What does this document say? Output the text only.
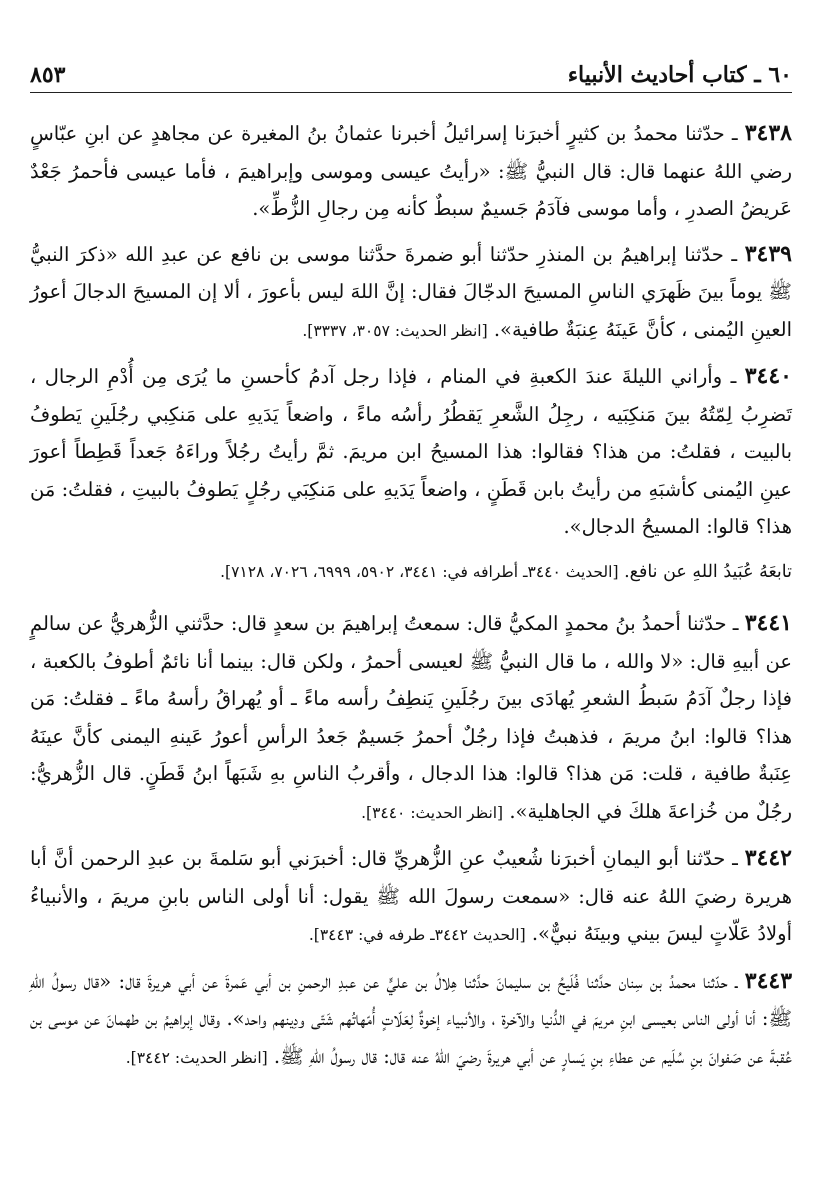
٦٠ ـ كتاب أحاديث الأنبياء
٨٥٣

٣٤٣٨ ـ حدّثنا محمدُ بن كثيرٍ أخبرَنا إسرائيلُ أخبرنا عثمانُ بنُ المغيرة عن مجاهدٍ عن ابنِ عبّاسٍ رضي اللهُ عنهما قال: قال النبيُّ ﷺ: «رأيتُ عيسى وموسى وإبراهيمَ ، فأما عيسى فأحمرُ جَعْدٌ عَريضُ الصدرِ ، وأما موسى فآدَمُ جَسيمٌ سبطٌ كأنه مِن رجالِ الزُّطِّ».

٣٤٣٩ ـ حدّثنا إبراهيمُ بن المنذرِ حدّثنا أبو ضمرةَ حدَّثنا موسى بن نافع عن عبدِ الله «ذكرَ النبيُّ ﷺ يوماً بينَ ظَهرَي الناسِ المسيحَ الدجّالَ فقال: إنَّ اللهَ ليس بأعورَ ، ألا إن المسيحَ الدجالَ أعورُ العينِ اليُمنى ، كأنَّ عَينَهُ عِنبَةٌ طافية». [انظر الحديث: ٣٠٥٧، ٣٣٣٧].

٣٤٤٠ ـ وأراني الليلةَ عندَ الكعبةِ في المنام ، فإذا رجل آدمُ كأحسنِ ما يُرَى مِن أُدْمِ الرجال ، تَضرِبُ لِمّتُهُ بينَ مَنكِبَيه ، رجِلُ الشَّعرِ يَقطُرُ رأسُه ماءً ، واضعاً يَدَيهِ على مَنكِبي رجُلَينِ يَطوفُ بالبيت ، فقلتُ: من هذا؟ فقالوا: هذا المسيحُ ابن مريمَ. ثمَّ رأيتُ رجُلاً وراءَهُ جَعداً قَطِطاً أعورَ عينِ اليُمنى كأشبَهِ من رأيتُ بابن قَطَنٍ ، واضعاً يَدَيهِ على مَنكِبَي رجُلٍ يَطوفُ بالبيتِ ، فقلتُ: مَن هذا؟ قالوا: المسيحُ الدجال».

تابعَهُ عُبَيدُ اللهِ عن نافع. [الحديث ٣٤٤٠ـ أطرافه في: ٣٤٤١، ٥٩٠٢، ٦٩٩٩، ٧٠٢٦، ٧١٢٨].

٣٤٤١ ـ حدّثنا أحمدُ بنُ محمدٍ المكيُّ قال: سمعتُ إبراهيمَ بن سعدٍ قال: حدَّثني الزُّهريُّ عن سالمٍ عن أبيهِ قال: «لا والله ، ما قال النبيُّ ﷺ لعيسى أحمرُ ، ولكن قال: بينما أنا نائمٌ أطوفُ بالكعبة ، فإذا رجلٌ آدَمُ سَبطُ الشعرِ يُهادَى بينَ رجُلَينِ يَنطِفُ رأسه ماءً ـ أو يُهراقُ رأسهُ ماءً ـ فقلتُ: مَن هذا؟ قالوا: ابنُ مريمَ ، فذهبتُ فإذا رجُلٌ أحمرُ جَسيمٌ جَعدُ الرأسِ أعورُ عَينهِ اليمنى كأنَّ عينَهُ عِنَبةٌ طافية ، قلت: مَن هذا؟ قالوا: هذا الدجال ، وأقربُ الناسِ بهِ شَبَهاً ابنُ قَطَنٍ. قال الزُّهريُّ: رجُلٌ من خُزاعةَ هلكَ في الجاهلية». [انظر الحديث: ٣٤٤٠].

٣٤٤٢ ـ حدّثنا أبو اليمانِ أخبرَنا شُعيبٌ عنِ الزُّهريِّ قال: أخبرَني أبو سَلمةَ بن عبدِ الرحمن أنَّ أبا هريرة رضيَ اللهُ عنه قال: «سمعت رسولَ الله ﷺ يقول: أنا أولى الناس بابنِ مريمَ ، والأنبياءُ أولادُ عَلّاتٍ ليسَ بيني وبينَهُ نبيٌّ». [الحديث ٣٤٤٢ـ طرفه في: ٣٤٤٣].

٣٤٤٣ ـ حدّثنا محمدُ بن سِنان حدَّثنا فُلَيحُ بن سليمانَ حدَّثنا هِلالُ بن عليٍّ عن عبدِ الرحمنِ بن أبي عَمرةَ عن أبي هريرةَ قال: «قال رسولُ اللهِ ﷺ: أنا أولى الناس بعيسى ابنِ مريمَ في الدُّنيا والآخرة ، والأنبياء إخوةٌ لِعَلّاتٍ أُمّهاتُهم شَتّى ودِينهم واحد». وقال إبراهيمُ بن طهمانَ عن موسى بن عُقبةَ عن صَفوانَ بنِ سُلَيم عن عطاءِ بنِ يَسارٍ عن أبي هريرةَ رضيَ اللهُ عنه قال: قال رسولُ اللهِ ﷺ. [انظر الحديث: ٣٤٤٢].
